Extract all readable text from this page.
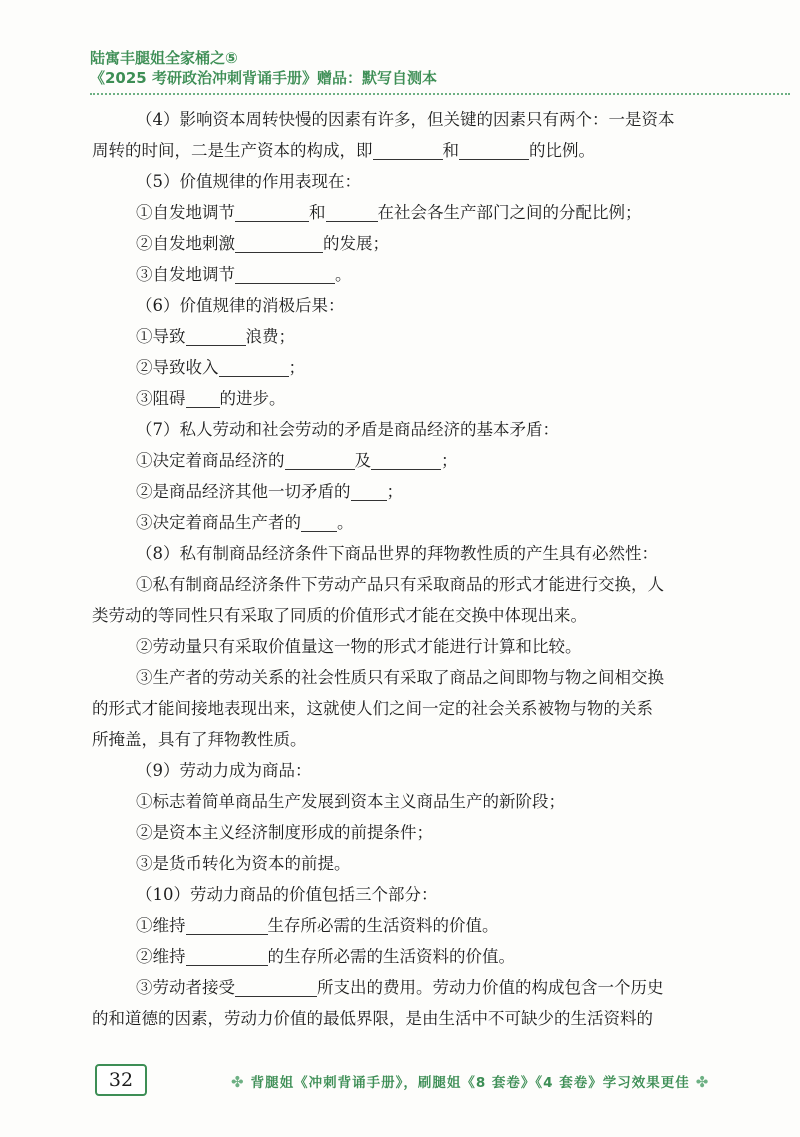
陆寓丰腿姐全家桶之⑤
《2025 考研政治冲刺背诵手册》赠品：默写自测本
（4）影响资本周转快慢的因素有许多，但关键的因素只有两个：一是资本
周转的时间，二是生产资本的构成，即	和	的比例。
（5）价值规律的作用表现在：
①自发地调节	和	在社会各生产部门之间的分配比例；
②自发地刺激	的发展；
③自发地调节	。
（6）价值规律的消极后果：
①导致	浪费；
②导致收入	；
③阻碍 的进步。
（7）私人劳动和社会劳动的矛盾是商品经济的基本矛盾：
①决定着商品经济的	及	；
②是商品经济其他一切矛盾的 ；
③决定着商品生产者的 。
（8）私有制商品经济条件下商品世界的拜物教性质的产生具有必然性：
①私有制商品经济条件下劳动产品只有采取商品的形式才能进行交换，人
类劳动的等同性只有采取了同质的价值形式才能在交换中体现出来。
②劳动量只有采取价值量这一物的形式才能进行计算和比较。
③生产者的劳动关系的社会性质只有采取了商品之间即物与物之间相交换
的形式才能间接地表现出来，这就使人们之间一定的社会关系被物与物的关系
所掩盖，具有了拜物教性质。
（9）劳动力成为商品：
①标志着简单商品生产发展到资本主义商品生产的新阶段；
②是资本主义经济制度形成的前提条件；
③是货币转化为资本的前提。
（10）劳动力商品的价值包括三个部分：
①维持	生存所必需的生活资料的价值。
②维持	的生存所必需的生活资料的价值。
③劳动者接受	所支出的费用。劳动力价值的构成包含一个历史
的和道德的因素，劳动力价值的最低界限，是由生活中不可缺少的生活资料的
32	✤ 背腿姐《冲刺背诵手册》，刷腿姐《8 套卷》《4 套卷》学习效果更佳 ✤
